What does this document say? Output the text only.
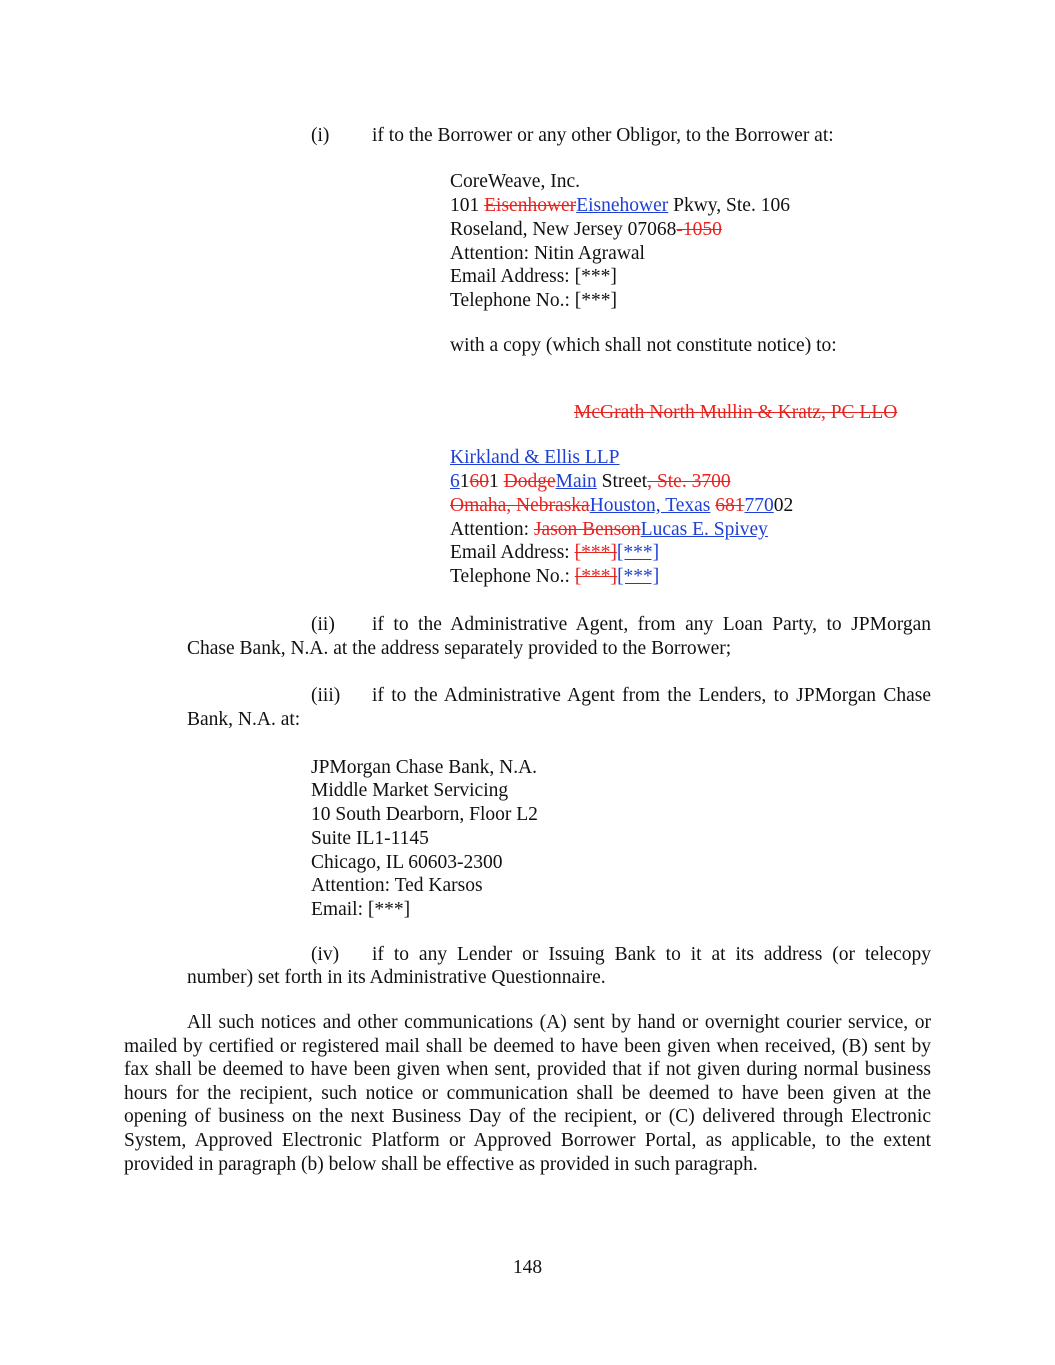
(i) if to the Borrower or any other Obligor, to the Borrower at:
CoreWeave, Inc.
101 EisenhowerEisnehower Pkwy, Ste. 106
Roseland, New Jersey 07068-1050
Attention: Nitin Agrawal
Email Address: [***]
Telephone No.: [***]
with a copy (which shall not constitute notice) to:
McGrath North Mullin & Kratz, PC LLO
Kirkland & Ellis LLP
61601 DodgeMain Street, Ste. 3700
Omaha, NebraskaHouston, Texas 68177002
Attention: Jason BensonLucas E. Spivey
Email Address: [***][***]
Telephone No.: [***][***]
(ii) if to the Administrative Agent, from any Loan Party, to JPMorgan
Chase Bank, N.A. at the address separately provided to the Borrower;
(iii) if to the Administrative Agent from the Lenders, to JPMorgan Chase
Bank, N.A. at:
JPMorgan Chase Bank, N.A.
Middle Market Servicing
10 South Dearborn, Floor L2
Suite IL1-1145
Chicago, IL 60603-2300
Attention: Ted Karsos
Email: [***]
(iv) if to any Lender or Issuing Bank to it at its address (or telecopy
number) set forth in its Administrative Questionnaire.
All such notices and other communications (A) sent by hand or overnight courier service, or mailed by certified or registered mail shall be deemed to have been given when received, (B) sent by fax shall be deemed to have been given when sent, provided that if not given during normal business hours for the recipient, such notice or communication shall be deemed to have been given at the opening of business on the next Business Day of the recipient, or (C) delivered through Electronic System, Approved Electronic Platform or Approved Borrower Portal, as applicable, to the extent provided in paragraph (b) below shall be effective as provided in such paragraph.
148
